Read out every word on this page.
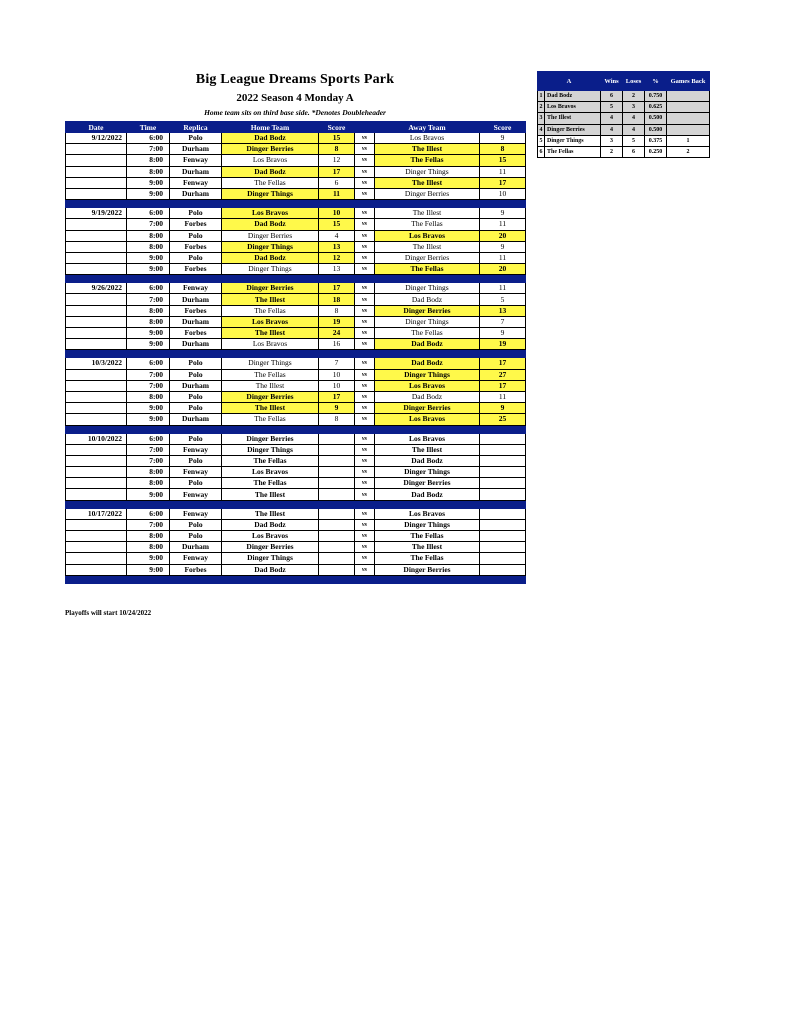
Big League Dreams Sports Park
2022 Season 4 Monday A
Home team sits on third base side. *Denotes Doubleheader
Date	Time	Replica	Home Team	Score		Away Team	Score
9/12/2022	6:00	Polo	Dad Bodz	15	vs	Los Bravos	9
	7:00	Durham	Dinger Berries	8	vs	The Illest	8
	8:00	Fenway	Los Bravos	12	vs	The Fellas	15
	8:00	Durham	Dad Bodz	17	vs	Dinger Things	11
	9:00	Fenway	The Fellas	6	vs	The Illest	17
	9:00	Durham	Dinger Things	11	vs	Dinger Berries	10

9/19/2022	6:00	Polo	Los Bravos	10	vs	The Illest	9
	7:00	Forbes	Dad Bodz	15	vs	The Fellas	11
	8:00	Polo	Dinger Berries	4	vs	Los Bravos	20
	8:00	Forbes	Dinger Things	13	vs	The Illest	9
	9:00	Polo	Dad Bodz	12	vs	Dinger Berries	11
	9:00	Forbes	Dinger Things	13	vs	The Fellas	20

9/26/2022	6:00	Fenway	Dinger Berries	17	vs	Dinger Things	11
	7:00	Durham	The Illest	18	vs	Dad Bodz	5
	8:00	Forbes	The Fellas	8	vs	Dinger Berries	13
	8:00	Durham	Los Bravos	19	vs	Dinger Things	7
	9:00	Forbes	The Illest	24	vs	The Fellas	9
	9:00	Durham	Los Bravos	16	vs	Dad Bodz	19

10/3/2022	6:00	Polo	Dinger Things	7	vs	Dad Bodz	17
	7:00	Polo	The Fellas	10	vs	Dinger Things	27
	7:00	Durham	The Illest	10	vs	Los Bravos	17
	8:00	Polo	Dinger Berries	17	vs	Dad Bodz	11
	9:00	Polo	The Illest	9	vs	Dinger Berries	9
	9:00	Durham	The Fellas	8	vs	Los Bravos	25

10/10/2022	6:00	Polo	Dinger Berries		vs	Los Bravos	
	7:00	Fenway	Dinger Things		vs	The Illest	
	7:00	Polo	The Fellas		vs	Dad Bodz	
	8:00	Fenway	Los Bravos		vs	Dinger Things	
	8:00	Polo	The Fellas		vs	Dinger Berries	
	9:00	Fenway	The Illest		vs	Dad Bodz	

10/17/2022	6:00	Fenway	The Illest		vs	Los Bravos	
	7:00	Polo	Dad Bodz		vs	Dinger Things	
	8:00	Polo	Los Bravos		vs	The Fellas	
	8:00	Durham	Dinger Berries		vs	The Illest	
	9:00	Fenway	Dinger Things		vs	The Fellas	
	9:00	Forbes	Dad Bodz		vs	Dinger Berries	

A		Wins	Loses	%	Games Back
1	Dad Bodz	6	2	0.750	
2	Los Bravos	5	3	0.625	
3	The Illest	4	4	0.500	
4	Dinger Berries	4	4	0.500	
5	Dinger Things	3	5	0.375	1
6	The Fellas	2	6	0.250	2
Playoffs will start 10/24/2022
